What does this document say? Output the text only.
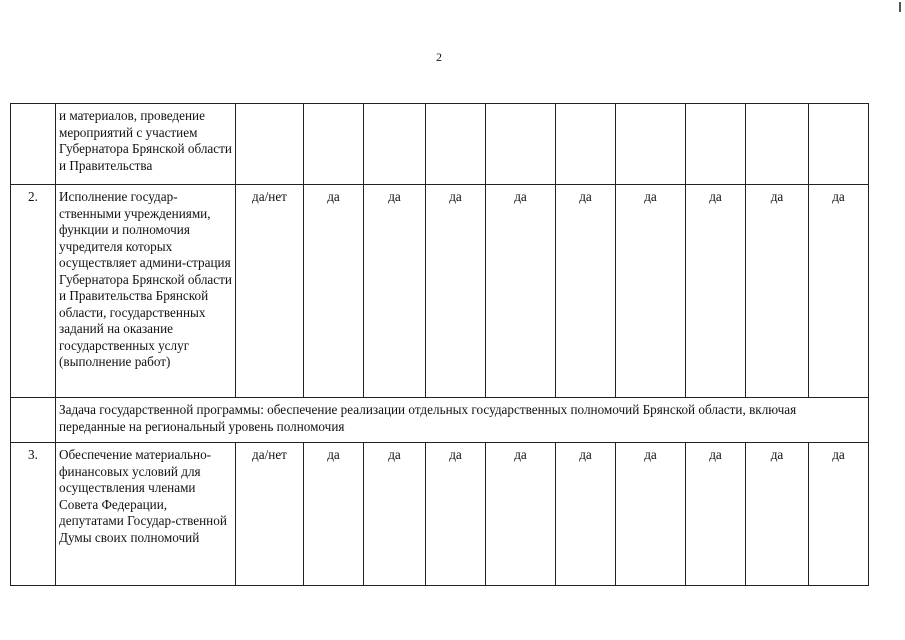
2
	и материалов, проведение мероприятий с участием Губернатора Брянской области и Правительства										
2.	Исполнение государ-ственными учреждениями, функции и полномочия учредителя которых осуществляет админи-страция Губернатора Брянской области и Правительства Брянской области, государственных заданий на оказание государственных услуг (выполнение работ)	да/нет	да	да	да	да	да	да	да	да	да
	Задача государственной программы: обеспечение реализации отдельных государственных полномочий Брянской области, включая переданные на региональный уровень полномочия										
3.	Обеспечение материально-финансовых условий для осуществления членами Совета Федерации, депутатами Государ-ственной Думы своих полномочий	да/нет	да	да	да	да	да	да	да	да	да
